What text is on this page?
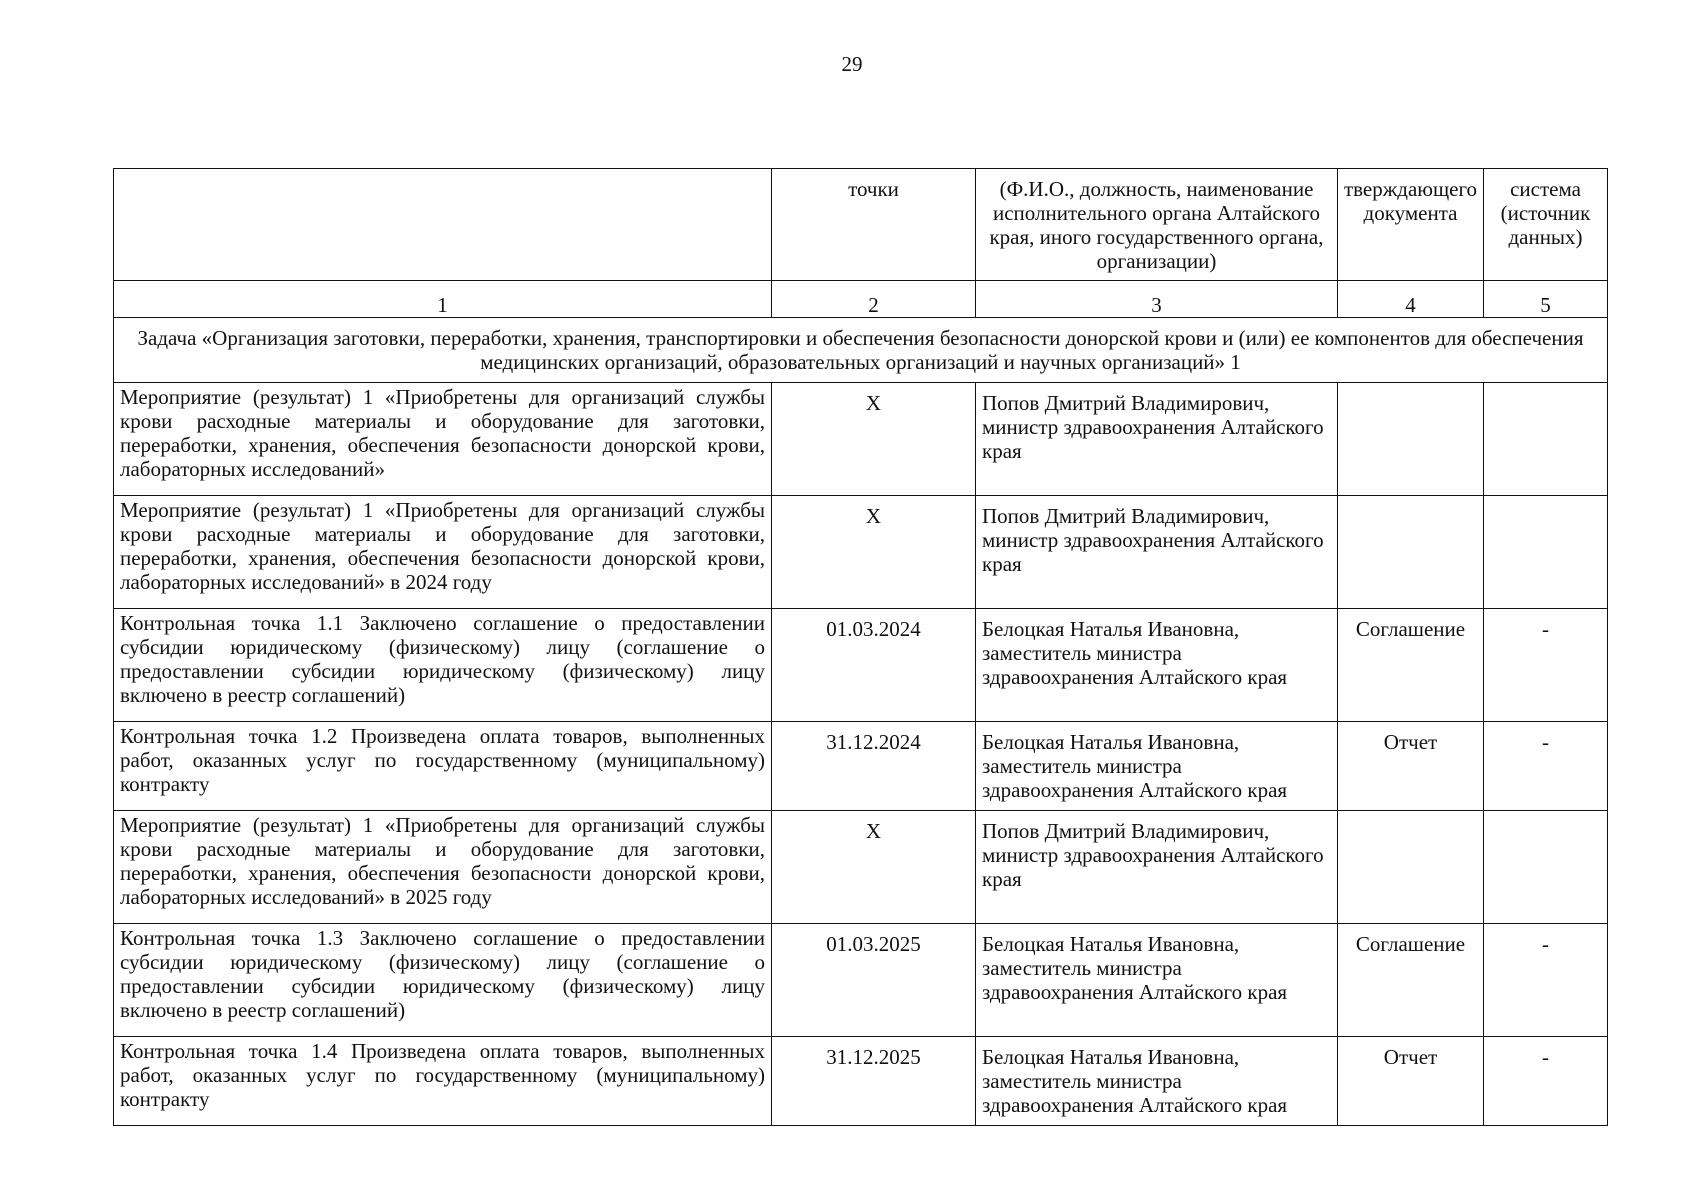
29
	точки	(Ф.И.О., должность, наименование исполнительного органа Алтайского края, иного государственного органа, организации)	тверждающего документа	система (источник данных)
1	2	3	4	5
Задача «Организация заготовки, переработки, хранения, транспортировки и обеспечения безопасности донорской крови и (или) ее компонентов для обеспечения медицинских организаций, образовательных организаций и научных организаций» 1				
Мероприятие (результат) 1 «Приобретены для организаций службы крови расходные материалы и оборудование для заготовки, переработки, хранения, обеспечения безопасности донорской крови, лабораторных исследований»	X	Попов Дмитрий Владимирович, министр здравоохранения Алтайского края		
Мероприятие (результат) 1 «Приобретены для организаций службы крови расходные материалы и оборудование для заготовки, переработки, хранения, обеспечения безопасности донорской крови, лабораторных исследований» в 2024 году	X	Попов Дмитрий Владимирович, министр здравоохранения Алтайского края		
Контрольная точка 1.1 Заключено соглашение о предоставлении субсидии юридическому (физическому) лицу (соглашение о предоставлении субсидии юридическому (физическому) лицу включено в реестр соглашений)	01.03.2024	Белоцкая Наталья Ивановна, заместитель министра здравоохранения Алтайского края	Соглашение	-
Контрольная точка 1.2 Произведена оплата товаров, выполненных работ, оказанных услуг по государственному (муниципальному) контракту	31.12.2024	Белоцкая Наталья Ивановна, заместитель министра здравоохранения Алтайского края	Отчет	-
Мероприятие (результат) 1 «Приобретены для организаций службы крови расходные материалы и оборудование для заготовки, переработки, хранения, обеспечения безопасности донорской крови, лабораторных исследований» в 2025 году	X	Попов Дмитрий Владимирович, министр здравоохранения Алтайского края		
Контрольная точка 1.3 Заключено соглашение о предоставлении субсидии юридическому (физическому) лицу (соглашение о предоставлении субсидии юридическому (физическому) лицу включено в реестр соглашений)	01.03.2025	Белоцкая Наталья Ивановна, заместитель министра здравоохранения Алтайского края	Соглашение	-
Контрольная точка 1.4 Произведена оплата товаров, выполненных работ, оказанных услуг по государственному (муниципальному) контракту	31.12.2025	Белоцкая Наталья Ивановна, заместитель министра здравоохранения Алтайского края	Отчет	-
